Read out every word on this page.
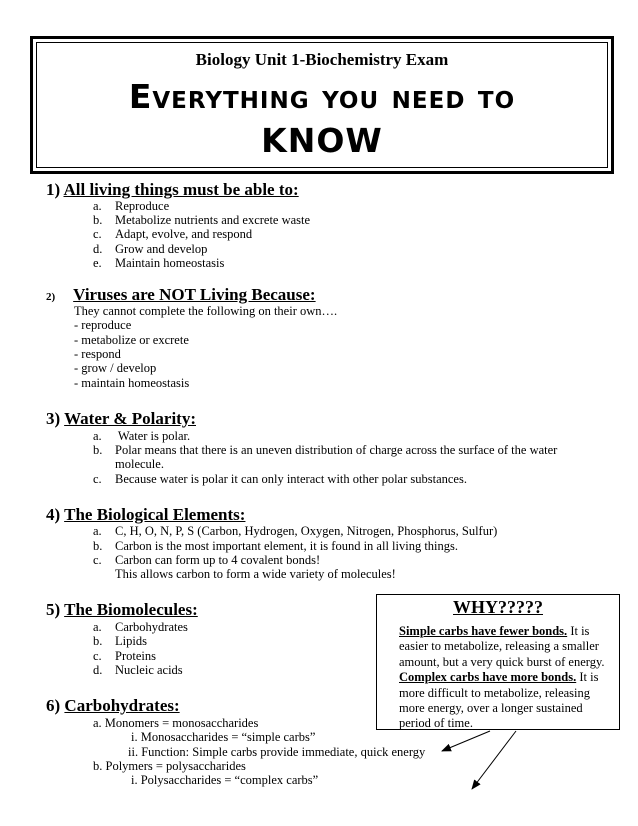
Biology Unit 1-Biochemistry Exam
Everything you need to
KNOW
1) All living things must be able to:
a. Reproduce
b. Metabolize nutrients and excrete waste
c. Adapt, evolve, and respond
d. Grow and develop
e. Maintain homeostasis
2) Viruses are NOT Living Because:
They cannot complete the following on their own….
- reproduce
- metabolize or excrete
- respond
- grow / develop
- maintain homeostasis
3) Water & Polarity:
a. Water is polar.
b. Polar means that there is an uneven distribution of charge across the surface of the water
molecule.
c. Because water is polar it can only interact with other polar substances.
4) The Biological Elements:
a. C, H, O, N, P, S (Carbon, Hydrogen, Oxygen, Nitrogen, Phosphorus, Sulfur)
b. Carbon is the most important element, it is found in all living things.
c. Carbon can form up to 4 covalent bonds!
This allows carbon to form a wide variety of molecules!
5) The Biomolecules:
a. Carbohydrates
b. Lipids
c. Proteins
d. Nucleic acids
6) Carbohydrates:
a. Monomers = monosaccharides
i. Monosaccharides = “simple carbs”
ii. Function: Simple carbs provide immediate, quick energy
b. Polymers = polysaccharides
i. Polysaccharides = “complex carbs”
WHY?????
Simple carbs have fewer bonds. It is easier to metabolize, releasing a smaller amount, but a very quick burst of energy. Complex carbs have more bonds. It is more difficult to metabolize, releasing more energy, over a longer sustained period of time.
